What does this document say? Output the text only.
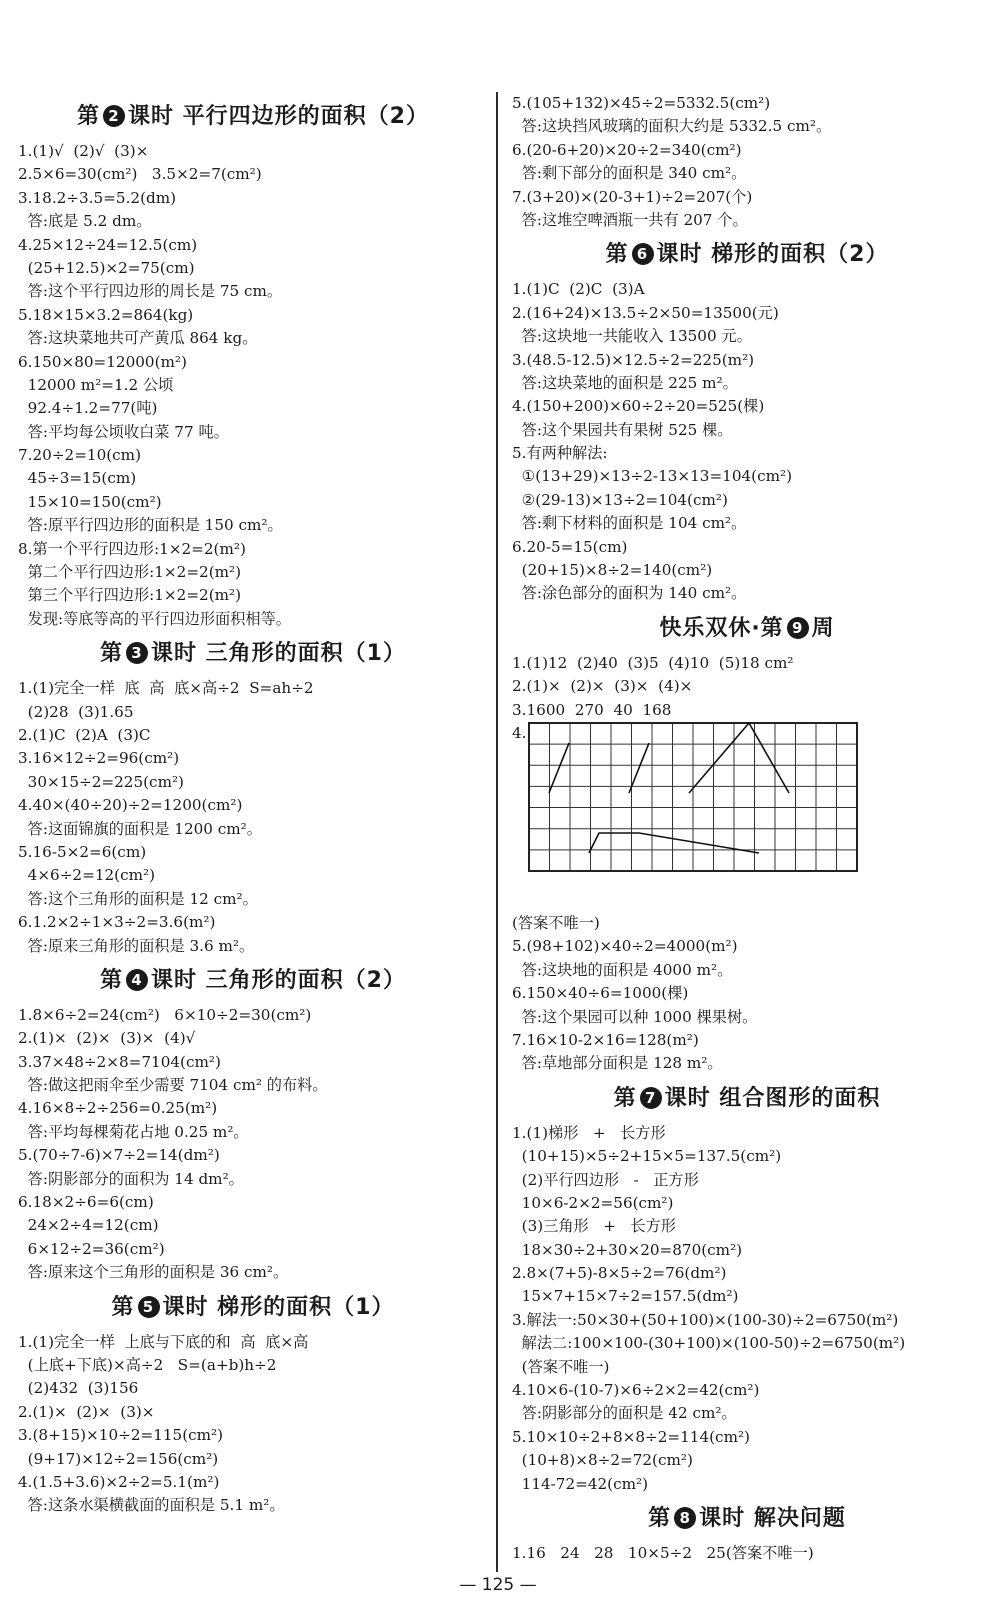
第 2 课时 平行四边形的面积（2）
1.(1)√  (2)√  (3)×
2.5×6=30(cm²)   3.5×2=7(cm²)
3.18.2÷3.5=5.2(dm)
答:底是 5.2 dm。
4.25×12÷24=12.5(cm)
(25+12.5)×2=75(cm)
答:这个平行四边形的周长是 75 cm。
5.18×15×3.2=864(kg)
答:这块菜地共可产黄瓜 864 kg。
6.150×80=12000(m²)
12000 m²=1.2 公顷
92.4÷1.2=77(吨)
答:平均每公顷收白菜 77 吨。
7.20÷2=10(cm)
45÷3=15(cm)
15×10=150(cm²)
答:原平行四边形的面积是 150 cm²。
8.第一个平行四边形:1×2=2(m²)
第二个平行四边形:1×2=2(m²)
第三个平行四边形:1×2=2(m²)
发现:等底等高的平行四边形面积相等。
第 3 课时 三角形的面积（1）
1.(1)完全一样  底  高  底×高÷2  S=ah÷2
(2)28  (3)1.65
2.(1)C  (2)A  (3)C
3.16×12÷2=96(cm²)
30×15÷2=225(cm²)
4.40×(40÷20)÷2=1200(cm²)
答:这面锦旗的面积是 1200 cm²。
5.16-5×2=6(cm)
4×6÷2=12(cm²)
答:这个三角形的面积是 12 cm²。
6.1.2×2÷1×3÷2=3.6(m²)
答:原来三角形的面积是 3.6 m²。
第 4 课时 三角形的面积（2）
1.8×6÷2=24(cm²)   6×10÷2=30(cm²)
2.(1)×  (2)×  (3)×  (4)√
3.37×48÷2×8=7104(cm²)
答:做这把雨伞至少需要 7104 cm² 的布料。
4.16×8÷2÷256=0.25(m²)
答:平均每棵菊花占地 0.25 m²。
5.(70÷7-6)×7÷2=14(dm²)
答:阴影部分的面积为 14 dm²。
6.18×2÷6=6(cm)
24×2÷4=12(cm)
6×12÷2=36(cm²)
答:原来这个三角形的面积是 36 cm²。
第 5 课时 梯形的面积（1）
1.(1)完全一样  上底与下底的和  高  底×高
(上底+下底)×高÷2   S=(a+b)h÷2
(2)432  (3)156
2.(1)×  (2)×  (3)×
3.(8+15)×10÷2=115(cm²)
(9+17)×12÷2=156(cm²)
4.(1.5+3.6)×2÷2=5.1(m²)
答:这条水渠横截面的面积是 5.1 m²。
5.(105+132)×45÷2=5332.5(cm²)
答:这块挡风玻璃的面积大约是 5332.5 cm²。
6.(20-6+20)×20÷2=340(cm²)
答:剩下部分的面积是 340 cm²。
7.(3+20)×(20-3+1)÷2=207(个)
答:这堆空啤酒瓶一共有 207 个。
第 6 课时 梯形的面积（2）
1.(1)C  (2)C  (3)A
2.(16+24)×13.5÷2×50=13500(元)
答:这块地一共能收入 13500 元。
3.(48.5-12.5)×12.5÷2=225(m²)
答:这块菜地的面积是 225 m²。
4.(150+200)×60÷2÷20=525(棵)
答:这个果园共有果树 525 棵。
5.有两种解法:
①(13+29)×13÷2-13×13=104(cm²)
②(29-13)×13÷2=104(cm²)
答:剩下材料的面积是 104 cm²。
6.20-5=15(cm)
(20+15)×8÷2=140(cm²)
答:涂色部分的面积为 140 cm²。
快乐双休·第 9 周
1.(1)12  (2)40  (3)5  (4)10  (5)18 cm²
2.(1)×  (2)×  (3)×  (4)×
3.1600  270  40  168
4.
(答案不唯一)
5.(98+102)×40÷2=4000(m²)
答:这块地的面积是 4000 m²。
6.150×40÷6=1000(棵)
答:这个果园可以种 1000 棵果树。
7.16×10-2×16=128(m²)
答:草地部分面积是 128 m²。
第 7 课时 组合图形的面积
1.(1)梯形   +   长方形
(10+15)×5÷2+15×5=137.5(cm²)
(2)平行四边形   -   正方形
10×6-2×2=56(cm²)
(3)三角形   +   长方形
18×30÷2+30×20=870(cm²)
2.8×(7+5)-8×5÷2=76(dm²)
15×7+15×7÷2=157.5(dm²)
3.解法一:50×30+(50+100)×(100-30)÷2=6750(m²)
解法二:100×100-(30+100)×(100-50)÷2=6750(m²)
(答案不唯一)
4.10×6-(10-7)×6÷2×2=42(cm²)
答:阴影部分的面积是 42 cm²。
5.10×10÷2+8×8÷2=114(cm²)
(10+8)×8÷2=72(cm²)
114-72=42(cm²)
第 8 课时 解决问题
1.16   24   28   10×5÷2   25(答案不唯一)
— 125 —
